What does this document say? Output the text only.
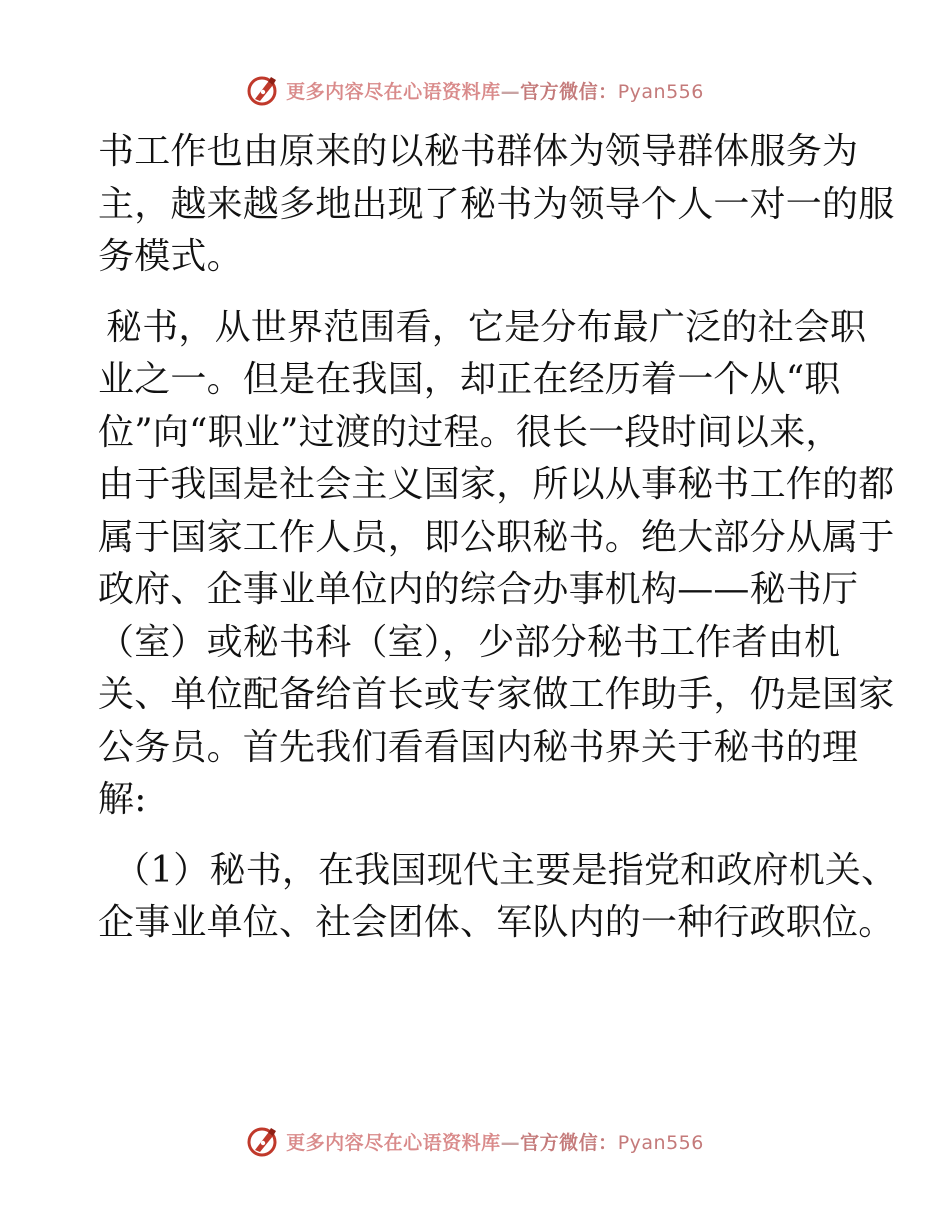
更多内容尽在心语资料库—官方微信：Pyan556

书工作也由原来的以秘书群体为领导群体服务为
主，越来越多地出现了秘书为领导个人一对一的服
务模式。

秘书，从世界范围看，它是分布最广泛的社会职
业之一。但是在我国，却正在经历着一个从“职
位”向“职业”过渡的过程。很长一段时间以来，
由于我国是社会主义国家，所以从事秘书工作的都
属于国家工作人员，即公职秘书。绝大部分从属于
政府、企事业单位内的综合办事机构——秘书厅
（室）或秘书科（室），少部分秘书工作者由机
关、单位配备给首长或专家做工作助手，仍是国家
公务员。首先我们看看国内秘书界关于秘书的理
解:

（1）秘书，在我国现代主要是指党和政府机关、
企事业单位、社会团体、军队内的一种行政职位。

更多内容尽在心语资料库—官方微信：Pyan556
